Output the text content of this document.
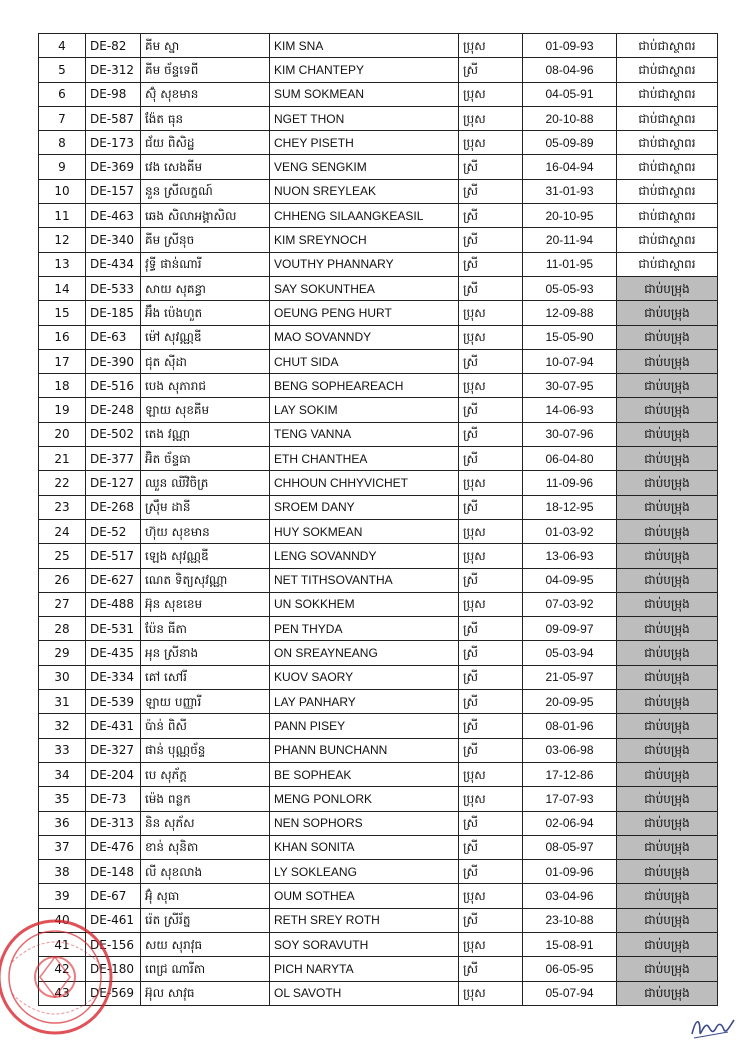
4	DE-82	គីម ស្នា	KIM SNA	ប្រុស	01-09-93	ជាប់ជាស្ថាពរ
5	DE-312	គីម ច័ន្ទទេពី	KIM CHANTEPY	ស្រី	08-04-96	ជាប់ជាស្ថាពរ
6	DE-98	ស៊ុំ សុខមាន	SUM SOKMEAN	ប្រុស	04-05-91	ជាប់ជាស្ថាពរ
7	DE-587	ង៉ែត ធុន	NGET THON	ប្រុស	20-10-88	ជាប់ជាស្ថាពរ
8	DE-173	ជ័យ ពិសិដ្ឋ	CHEY PISETH	ប្រុស	05-09-89	ជាប់ជាស្ថាពរ
9	DE-369	វេង សេងគីម	VENG SENGKIM	ស្រី	16-04-94	ជាប់ជាស្ថាពរ
10	DE-157	នួន ស្រីលក្ខណ៍	NUON SREYLEAK	ស្រី	31-01-93	ជាប់ជាស្ថាពរ
11	DE-463	ឆេង សិលាអង្គាសិល	CHHENG SILAANGKEASIL	ស្រី	20-10-95	ជាប់ជាស្ថាពរ
12	DE-340	គីម ស្រីនុច	KIM SREYNOCH	ស្រី	20-11-94	ជាប់ជាស្ថាពរ
13	DE-434	វុទ្ធី ផាន់ណារី	VOUTHY PHANNARY	ស្រី	11-01-95	ជាប់ជាស្ថាពរ
14	DE-533	សាយ សុគន្ធា	SAY SOKUNTHEA	ស្រី	05-05-93	ជាប់បម្រុង
15	DE-185	អ៊ឹង ប៉េងហួត	OEUNG PENG HURT	ប្រុស	12-09-88	ជាប់បម្រុង
16	DE-63	ម៉ៅ សុវណ្ណឌី	MAO SOVANNDY	ប្រុស	15-05-90	ជាប់បម្រុង
17	DE-390	ជុត ស៊ីដា	CHUT SIDA	ស្រី	10-07-94	ជាប់បម្រុង
18	DE-516	បេង សុភារាជ	BENG SOPHEAREACH	ប្រុស	30-07-95	ជាប់បម្រុង
19	DE-248	ឡាយ សុខគីម	LAY SOKIM	ស្រី	14-06-93	ជាប់បម្រុង
20	DE-502	តេង វណ្ណា	TENG VANNA	ស្រី	30-07-96	ជាប់បម្រុង
21	DE-377	អ៊ិត ច័ន្ទធា	ETH CHANTHEA	ស្រី	06-04-80	ជាប់បម្រុង
22	DE-127	ឈួន ឈីវិចិត្រ	CHHOUN CHHYVICHET	ប្រុស	11-09-96	ជាប់បម្រុង
23	DE-268	ស្រ៊ឹម ដានី	SROEM DANY	ស្រី	18-12-95	ជាប់បម្រុង
24	DE-52	ហ៊ុយ សុខមាន	HUY SOKMEAN	ប្រុស	01-03-92	ជាប់បម្រុង
25	DE-517	ឡេង សុវណ្ណឌី	LENG SOVANNDY	ប្រុស	13-06-93	ជាប់បម្រុង
26	DE-627	ណេត ទិត្យសុវណ្ណា	NET TITHSOVANTHA	ស្រី	04-09-95	ជាប់បម្រុង
27	DE-488	អ៊ុន សុខខេម	UN SOKKHEM	ប្រុស	07-03-92	ជាប់បម្រុង
28	DE-531	ប៉ែន ធីតា	PEN THYDA	ស្រី	09-09-97	ជាប់បម្រុង
29	DE-435	អុន ស្រីនាង	ON SREAYNEANG	ស្រី	05-03-94	ជាប់បម្រុង
30	DE-334	គៅ សៅរី	KUOV SAORY	ស្រី	21-05-97	ជាប់បម្រុង
31	DE-539	ឡាយ បញ្ញារី	LAY PANHARY	ស្រី	20-09-95	ជាប់បម្រុង
32	DE-431	ប៉ាន់ ពិសី	PANN PISEY	ស្រី	08-01-96	ជាប់បម្រុង
33	DE-327	ផាន់ បុណ្ណច័ន្ទ	PHANN BUNCHANN	ស្រី	03-06-98	ជាប់បម្រុង
34	DE-204	បេ សុភ័ក្ត	BE SOPHEAK	ប្រុស	17-12-86	ជាប់បម្រុង
35	DE-73	ម៉េង ពន្លក	MENG PONLORK	ប្រុស	17-07-93	ជាប់បម្រុង
36	DE-313	និន សុភ័ស	NEN SOPHORS	ស្រី	02-06-94	ជាប់បម្រុង
37	DE-476	ខាន់ សុនិតា	KHAN SONITA	ស្រី	08-05-97	ជាប់បម្រុង
38	DE-148	លី សុខលាង	LY SOKLEANG	ស្រី	01-09-96	ជាប់បម្រុង
39	DE-67	អ៊ុំ សុធា	OUM SOTHEA	ប្រុស	03-04-96	ជាប់បម្រុង
40	DE-461	រ៉េត ស្រីរ័ត្ន	RETH SREY ROTH	ស្រី	23-10-88	ជាប់បម្រុង
41	DE-156	សយ សុរាវុធ	SOY SORAVUTH	ប្រុស	15-08-91	ជាប់បម្រុង
42	DE-180	ពេជ្រ ណារីតា	PICH NARYTA	ស្រី	06-05-95	ជាប់បម្រុង
43	DE-569	អ៊ុល សាវុធ	OL SAVOTH	ប្រុស	05-07-94	ជាប់បម្រុង
